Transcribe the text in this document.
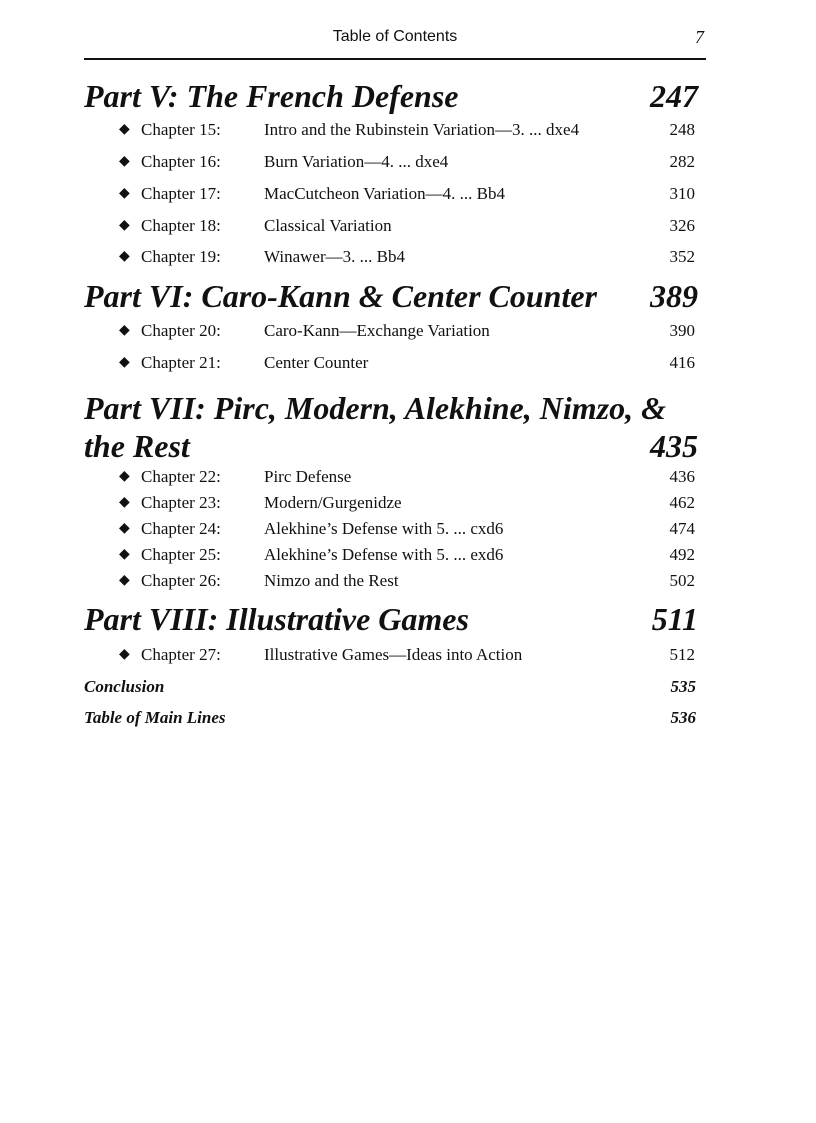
Table of Contents	7
Part V: The French Defense	247
◆ Chapter 15:	Intro and the Rubinstein Variation—3. ... dxe4	248
◆ Chapter 16:	Burn Variation—4. ... dxe4	282
◆ Chapter 17:	MacCutcheon Variation—4. ... Bb4	310
◆ Chapter 18:	Classical Variation	326
◆ Chapter 19:	Winawer—3. ... Bb4	352
Part VI: Caro-Kann & Center Counter 389
◆ Chapter 20:	Caro-Kann—Exchange Variation	390
◆ Chapter 21:	Center Counter	416
Part VII: Pirc, Modern, Alekhine, Nimzo, &
the Rest	435
◆ Chapter 22:	Pirc Defense	436
◆ Chapter 23:	Modern/Gurgenidze	462
◆ Chapter 24:	Alekhine’s Defense with 5. ... cxd6	474
◆ Chapter 25:	Alekhine’s Defense with 5. ... exd6	492
◆ Chapter 26:	Nimzo and the Rest	502
Part VIII: Illustrative Games	511
◆ Chapter 27:	Illustrative Games—Ideas into Action	512
Conclusion	535
Table of Main Lines	536
